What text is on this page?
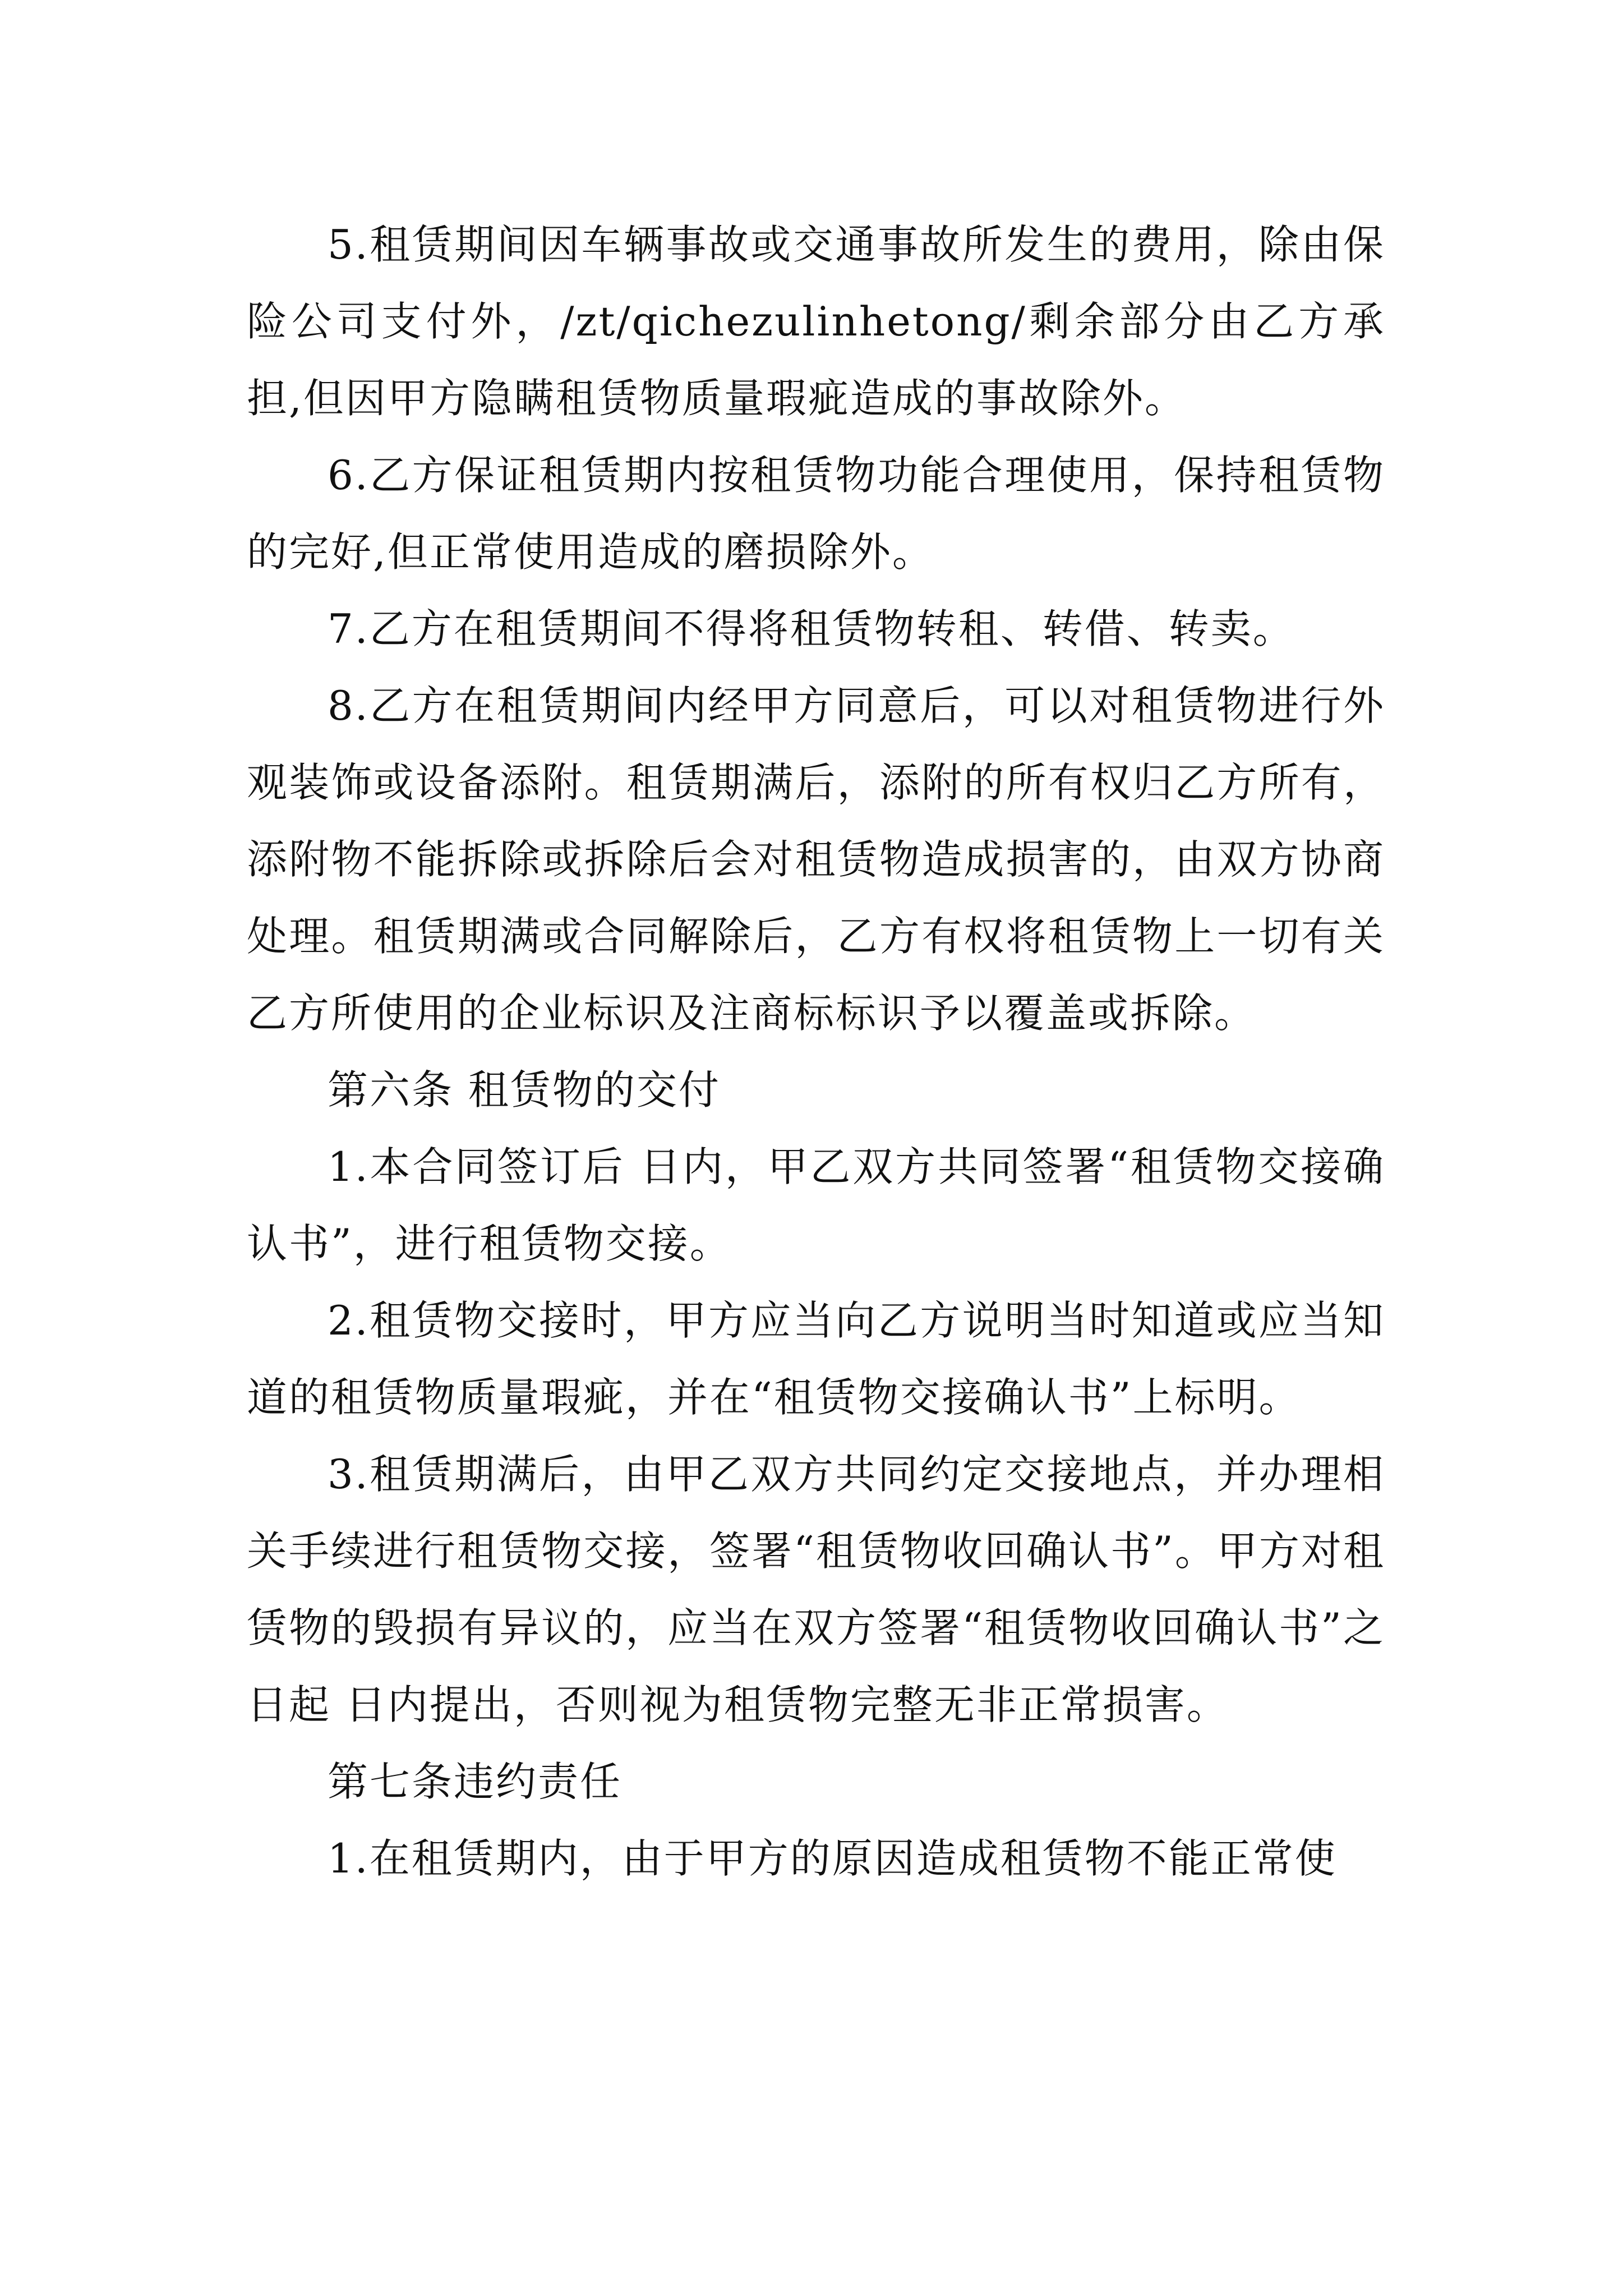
5.租赁期间因车辆事故或交通事故所发生的费用，除由保险公司支付外，/zt/qichezulinhetong/剩余部分由乙方承担,但因甲方隐瞒租赁物质量瑕疵造成的事故除外。

6.乙方保证租赁期内按租赁物功能合理使用，保持租赁物的完好,但正常使用造成的磨损除外。

7.乙方在租赁期间不得将租赁物转租、转借、转卖。

8.乙方在租赁期间内经甲方同意后，可以对租赁物进行外观装饰或设备添附。租赁期满后，添附的所有权归乙方所有，添附物不能拆除或拆除后会对租赁物造成损害的，由双方协商处理。租赁期满或合同解除后，乙方有权将租赁物上一切有关乙方所使用的企业标识及注商标标识予以覆盖或拆除。

第六条 租赁物的交付

1.本合同签订后 日内，甲乙双方共同签署“租赁物交接确认书”，进行租赁物交接。

2.租赁物交接时，甲方应当向乙方说明当时知道或应当知道的租赁物质量瑕疵，并在“租赁物交接确认书”上标明。

3.租赁期满后，由甲乙双方共同约定交接地点，并办理相关手续进行租赁物交接，签署“租赁物收回确认书”。甲方对租赁物的毁损有异议的，应当在双方签署“租赁物收回确认书”之日起 日内提出，否则视为租赁物完整无非正常损害。

第七条违约责任

1.在租赁期内，由于甲方的原因造成租赁物不能正常使
